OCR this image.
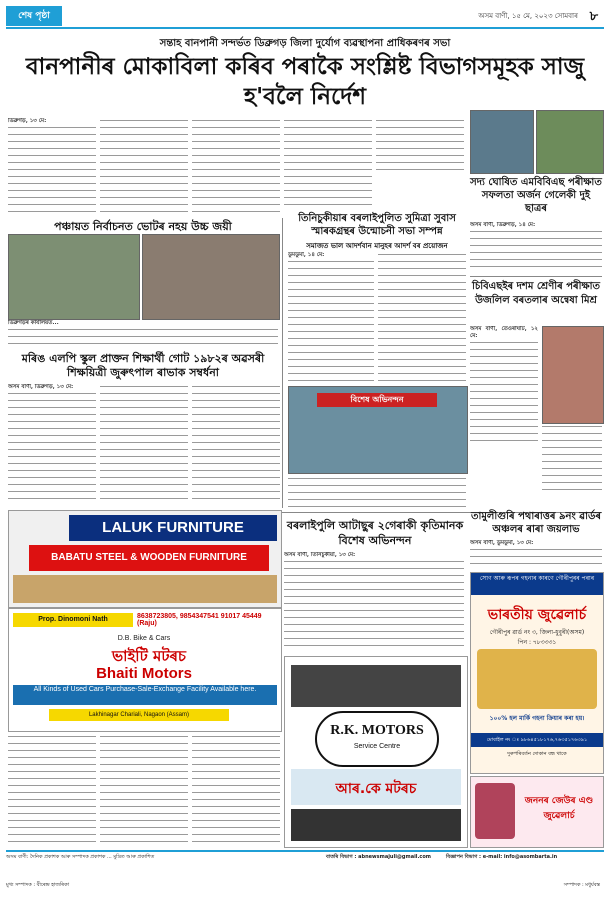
শেষ পৃষ্ঠা	অসম বাণী, ১৫ মে, ২০২৩ সোমবাৰ ৮
সন্তাহ বানপানী সন্দর্ভত ডিব্রুগড় জিলা দুর্যোগ ব্যৱস্থাপনা প্ৰাধিকৰণৰ সভা
বানপানীৰ মোকাবিলা কৰিব পৰাকৈ সংশ্লিষ্ট বিভাগসমূহক সাজু হ'বলৈ নিৰ্দেশ
ডিব্ৰুগড়, ১৩ মে:
সদ্য ঘোষিত এমবিবিএছ পৰীক্ষাত সফলতা অৰ্জন গেলেকী দুই ছাত্ৰৰ
অসম বাণী, ডিব্ৰুগড়, ১৪ মে:
চিবিএছইৰ দশম শ্ৰেণীৰ পৰীক্ষাত উজলিল বৰতলাৰ অন্বেষা মিশ্ৰ
অসম বাণী, তেওঁৰাঘাট, ১২ মে:
পঞ্চায়ত নিৰ্বাচনত ভোটৰ নহয় উচ্চ জয়ী
ডিব্ৰুগড়ৰ কাৰ্যালয়ত...
মৰিঙ এলপি স্কুল প্ৰাক্তন শিক্ষাৰ্থী গোট ১৯৮২ৰ অৱসৰী শিক্ষয়িত্ৰী জুৰুৎপাল ৰাভাক সম্বৰ্ধনা
অসম বাণী, ডিব্ৰুগড়, ১৩ মে:
তিনিচুকীয়াৰ বৰলাইপুলিত সুমিত্ৰা সুবাস স্মাৰকগ্ৰন্থৰ উন্মোচনী সভা সম্পন্ন
সমাজত ভাল আদৰ্শবান মানুহৰ আদৰ্শ বৰ প্ৰয়োজন
ডুমডুমা, ১৪ মে:
বিশেষ অভিনন্দন
বৰলাইপুলি আটাছুৰ ২গেৰাকী কৃতিমানক বিশেষ অভিনন্দন
অসম বাণী, তিনিচুকীয়া, ১৩ মে:
তামুলীগুৰি পথাৰাত্তৰ ৯নং ৱাৰ্ডৰ অঞ্চলৰ ৰাৰা জয়লাভ
অসম বাণী, ডুমডুমা, ১৩ মে:
LALUK FURNITURE
BABATU STEEL & WOODEN FURNITURE
Prop. Dinomoni Nath	8638723805, 9854347541 91017 45449 (Raju)
D.B. Bike & Cars
ভাইটি মটৰচ
Bhaiti Motors
All Kinds of Used Cars Purchase-Sale-Exchange Facility Available here.
Lakhinagar Chariali, Nagaon (Assam)
R.K. MOTORS
Service Centre
আৰ.কে মটৰচ
সোণ আৰু ৰূপৰ গহনাৰ কাৰণে গৌৰীপুৰৰ পৰাৰ
ভাৰতীয় জুৱেলাৰ্চ
গৌৰীপুৰ ৱাৰ্ড নং ৩, জিলা-ধুবুৰী(অসম)
পিন : ৭৮৩৩৩১
১০০% হল মাৰ্কি গহনা ক্ৰিয়াৰ কৰা হয়।
মোবাইল নং ঃ ৯৮৬৪৫১৮১৭৬,৭৬৩৫১৭৬৩৯১
দুৰুপৰিবৰ্তন দোকান বন্ধ থাকে
জননৰ জেউৰ এণ্ড জুৱেলাৰ্চ
অসম বাণী: দৈনিক প্ৰকাশক আৰু সম্পাদক প্ৰকাশক ... মুদ্ৰিত আৰু প্ৰকাশিত	বাতৰি বিভাগ : abnewsmajuli@gmail.com	বিজ্ঞাপন বিভাগ : e-mail: info@asombarta.in
মুখ্য সম্পাদক : বীৰেন্দ্ৰ হাজৰিকা	সম্পাদক : মধুৰ্যবন্ত
